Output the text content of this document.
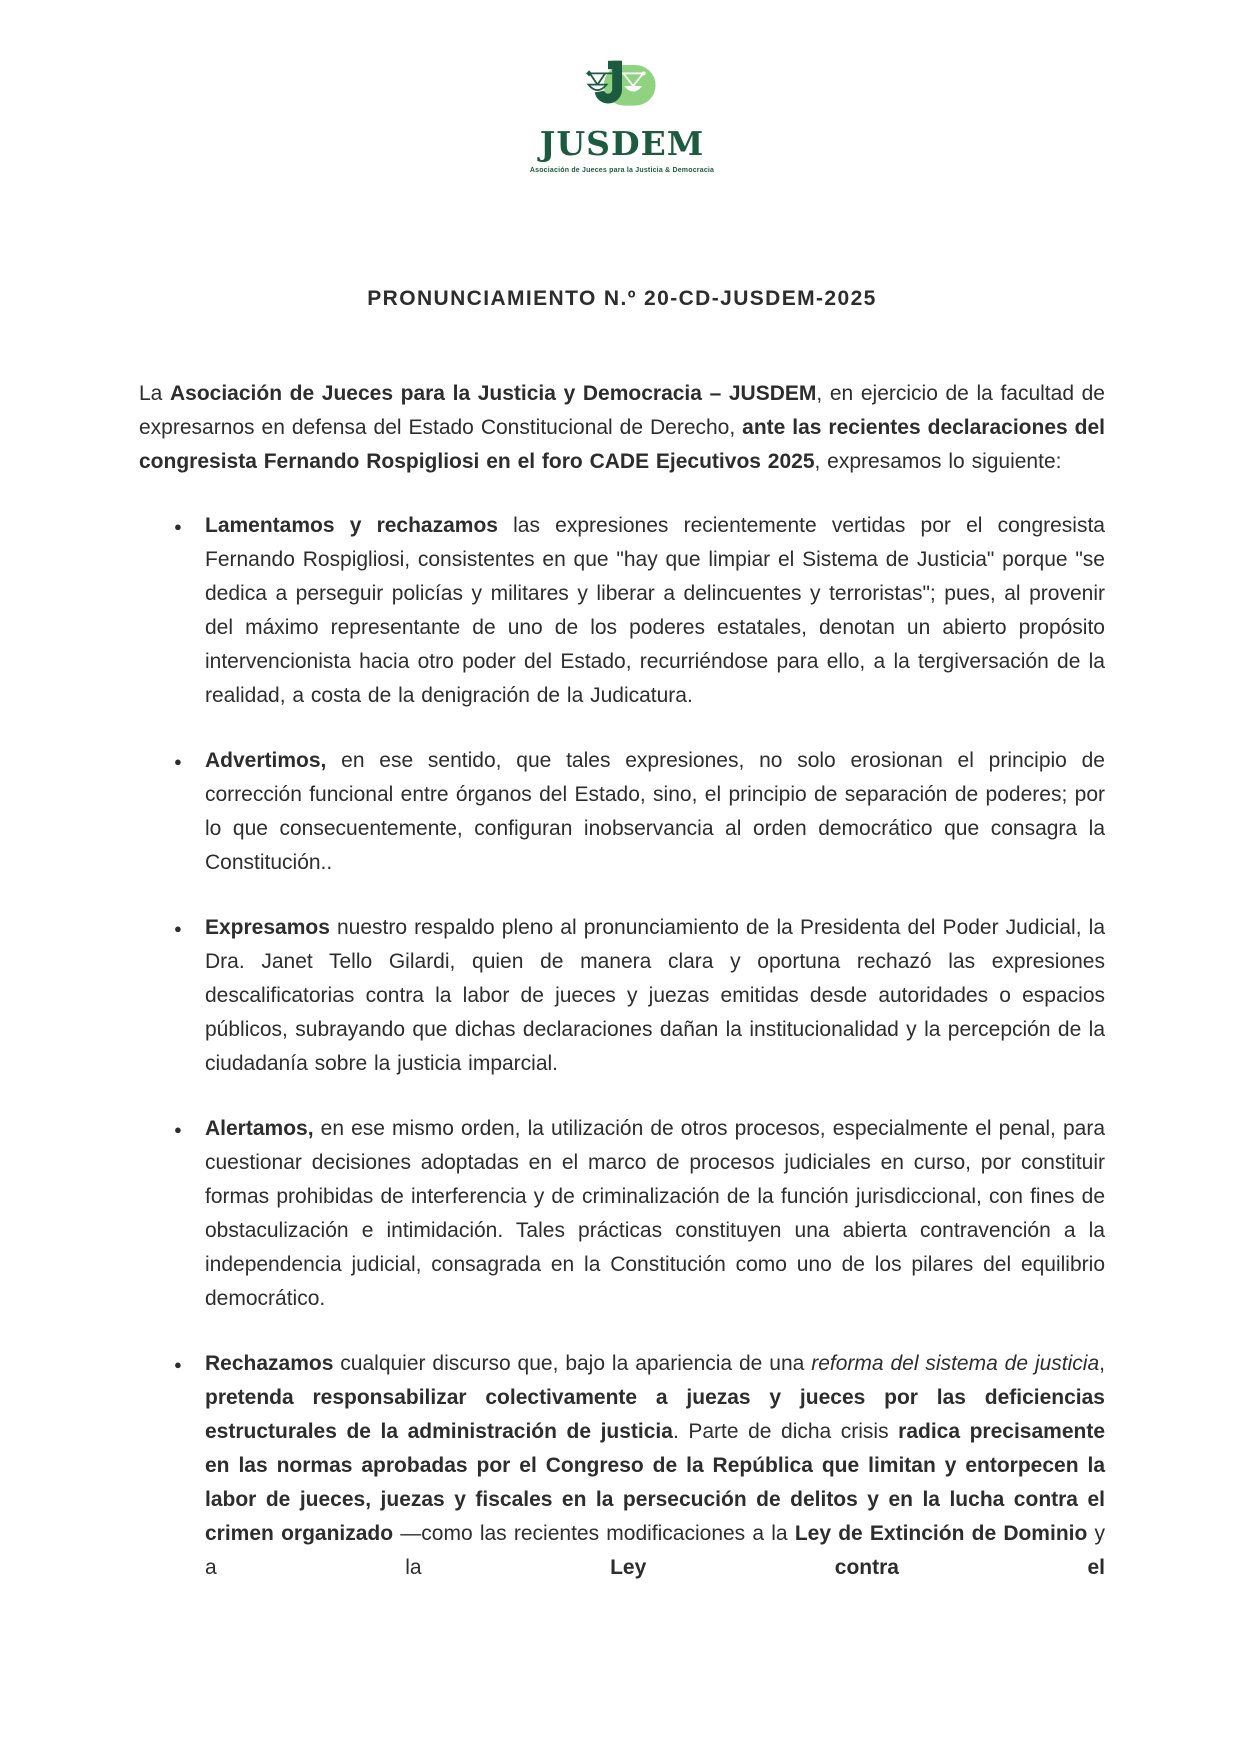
JUSDEM
Asociación de Jueces para la Justicia & Democracia
PRONUNCIAMIENTO N.º 20-CD-JUSDEM-2025

La Asociación de Jueces para la Justicia y Democracia – JUSDEM, en ejercicio de la facultad de expresarnos en defensa del Estado Constitucional de Derecho, ante las recientes declaraciones del congresista Fernando Rospigliosi en el foro CADE Ejecutivos 2025, expresamos lo siguiente:

● Lamentamos y rechazamos las expresiones recientemente vertidas por el congresista Fernando Rospigliosi, consistentes en que "hay que limpiar el Sistema de Justicia" porque "se dedica a perseguir policías y militares y liberar a delincuentes y terroristas"; pues, al provenir del máximo representante de uno de los poderes estatales, denotan un abierto propósito intervencionista hacia otro poder del Estado, recurriéndose para ello, a la tergiversación de la realidad, a costa de la denigración de la Judicatura.
● Advertimos, en ese sentido, que tales expresiones, no solo erosionan el principio de corrección funcional entre órganos del Estado, sino, el principio de separación de poderes; por lo que consecuentemente, configuran inobservancia al orden democrático que consagra la Constitución..
● Expresamos nuestro respaldo pleno al pronunciamiento de la Presidenta del Poder Judicial, la Dra. Janet Tello Gilardi, quien de manera clara y oportuna rechazó las expresiones descalificatorias contra la labor de jueces y juezas emitidas desde autoridades o espacios públicos, subrayando que dichas declaraciones dañan la institucionalidad y la percepción de la ciudadanía sobre la justicia imparcial.
● Alertamos, en ese mismo orden, la utilización de otros procesos, especialmente el penal, para cuestionar decisiones adoptadas en el marco de procesos judiciales en curso, por constituir formas prohibidas de interferencia y de criminalización de la función jurisdiccional, con fines de obstaculización e intimidación. Tales prácticas constituyen una abierta contravención a la independencia judicial, consagrada en la Constitución como uno de los pilares del equilibrio democrático.
● Rechazamos cualquier discurso que, bajo la apariencia de una reforma del sistema de justicia, pretenda responsabilizar colectivamente a juezas y jueces por las deficiencias estructurales de la administración de justicia. Parte de dicha crisis radica precisamente en las normas aprobadas por el Congreso de la República que limitan y entorpecen la labor de jueces, juezas y fiscales en la persecución de delitos y en la lucha contra el crimen organizado —como las recientes modificaciones a la Ley de Extinción de Dominio y a la Ley contra el
